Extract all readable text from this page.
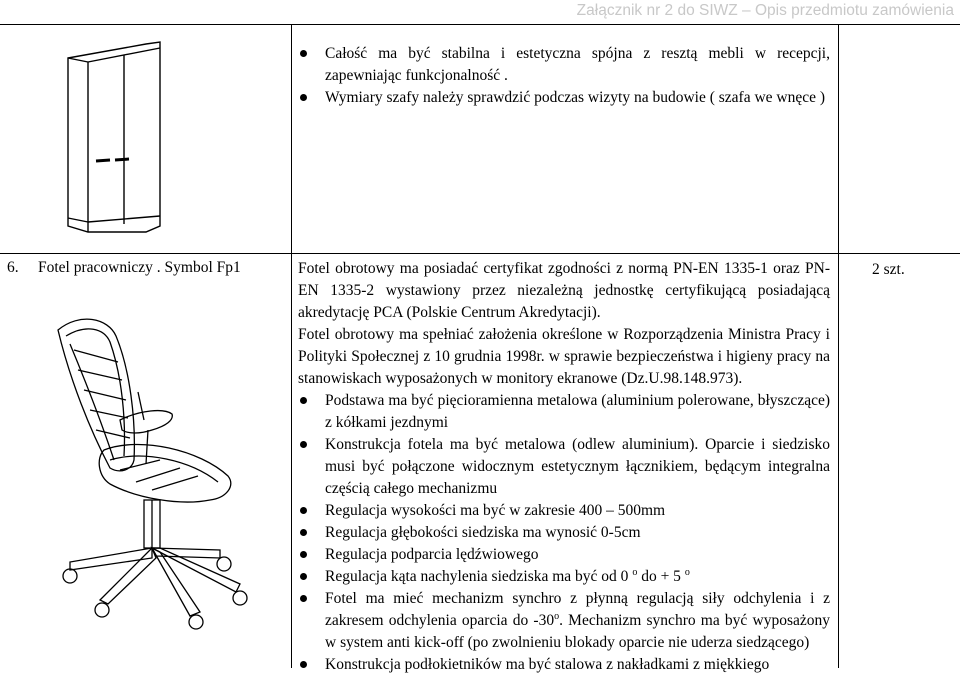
Załącznik nr 2 do SIWZ – Opis przedmiotu zamówienia
Całość ma być stabilna i estetyczna spójna z resztą mebli w recepcji, zapewniając funkcjonalność .
Wymiary szafy należy sprawdzić podczas wizyty na budowie ( szafa we wnęce )
6. Fotel pracowniczy . Symbol Fp1	2 szt.

Fotel obrotowy ma posiadać certyfikat zgodności z normą PN-EN 1335-1 oraz PN-EN 1335-2 wystawiony przez niezależną jednostkę certyfikującą posiadającą akredytację PCA (Polskie Centrum Akredytacji).

Fotel obrotowy ma spełniać założenia określone w Rozporządzenia Ministra Pracy i Polityki Społecznej z 10 grudnia 1998r. w sprawie bezpieczeństwa i higieny pracy na stanowiskach wyposażonych w monitory ekranowe (Dz.U.98.148.973).

Podstawa ma być pięcioramienna metalowa (aluminium polerowane, błyszczące) z kółkami jezdnymi
Konstrukcja fotela ma być metalowa (odlew aluminium). Oparcie i siedzisko musi być połączone widocznym estetycznym łącznikiem, będącym integralna częścią całego mechanizmu
Regulacja wysokości ma być w zakresie 400 – 500mm
Regulacja głębokości siedziska ma wynosić 0-5cm
Regulacja podparcia lędźwiowego
Regulacja kąta nachylenia siedziska ma być od 0 $^o$ do + 5 $^o$
Fotel ma mieć mechanizm synchro z płynną regulacją siły odchylenia i z zakresem odchylenia oparcia do -30$^o$. Mechanizm synchro ma być wyposażony w system anti kick-off (po zwolnieniu blokady oparcie nie uderza siedzącego)
Konstrukcja podłokietników ma być stalowa z nakładkami z miękkiego
